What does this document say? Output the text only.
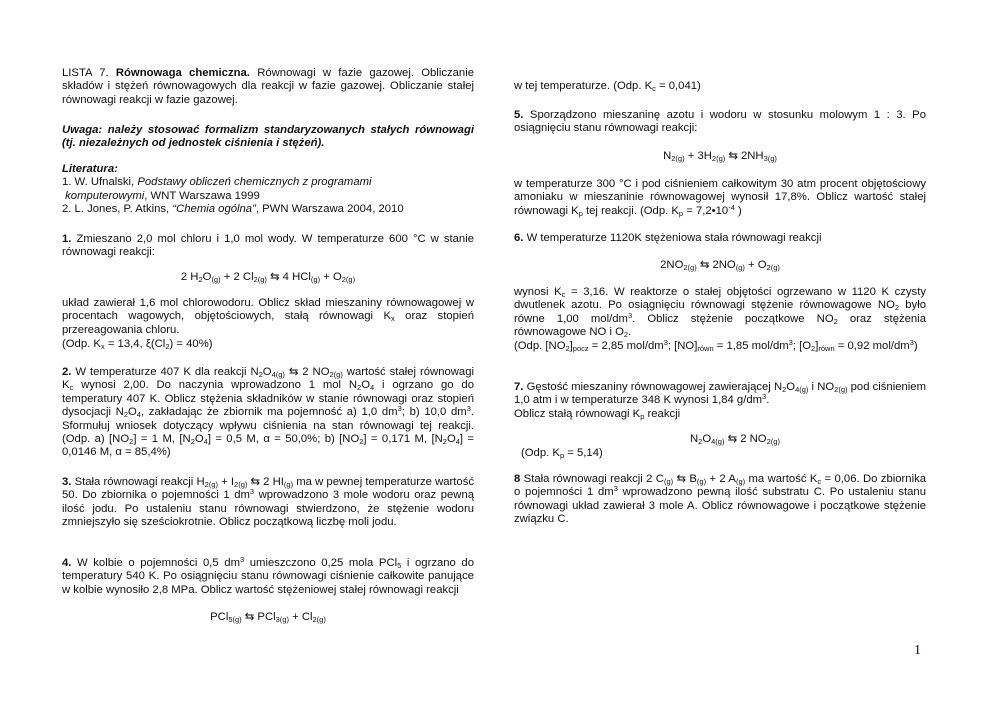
LISTA 7. Równowaga chemiczna. Równowagi w fazie gazowej. Obliczanie składów i stężeń równowagowych dla reakcji w fazie gazowej. Obliczanie stałej równowagi reakcji w fazie gazowej.

Uwaga: należy stosować formalizm standaryzowanych stałych równowagi (tj. niezależnych od jednostek ciśnienia i stężeń).

Literatura:
1. W. Ufnalski, Podstawy obliczeń chemicznych z programami
komputerowymi, WNT Warszawa 1999
2. L. Jones, P. Atkins, “Chemia ogólna”, PWN Warszawa 2004, 2010

1. Zmieszano 2,0 mol chloru i 1,0 mol wody. W temperaturze 600 °C w stanie równowagi reakcji:

2 $H_2O_{(g)} + 2$ $Cl_{2(g)}$ ⇆ 4 $HCl_{(g)} + O_{2(g)}$

układ zawierał 1,6 mol chlorowodoru. Oblicz skład mieszaniny równowagowej w procentach wagowych, objętościowych, stałą równowagi $K_x$ oraz stopień przereagowania chloru.

(Odp. $K_x = 13,4$, $\xi(Cl_2) = 40\%$)

2. W temperaturze 407 K dla reakcji $N_2O_{4(g)}$ ⇆ 2 $NO_{2(g)}$ wartość stałej równowagi $K_c$ wynosi 2,00. Do naczynia wprowadzono 1 mol $N_2O_4$ i ogrzano go do temperatury 407 K. Oblicz stężenia składników w stanie równowagi oraz stopień dysocjacji $N_2O_4$, zakładając że zbiornik ma pojemność a) 1,0 $dm^3$; b) 10,0 $dm^3$. Sformułuj wniosek dotyczący wpływu ciśnienia na stan równowagi tej reakcji. (Odp. a) $[NO_2] = 1$ M, $[N_2O_4] = 0,5$ M, α = 50,0%; b) $[NO_2] = 0,171$ M, $[N_2O_4] = 0,0146$ M, α = 85,4%)

3. Stała równowagi reakcji $H_{2(g)} + I_{2(g)}$ ⇆ 2 $HI_{(g)}$ ma w pewnej temperaturze wartość 50. Do zbiornika o pojemności 1 $dm^3$ wprowadzono 3 mole wodoru oraz pewną ilość jodu. Po ustaleniu stanu równowagi stwierdzono, że stężenie wodoru zmniejszyło się sześciokrotnie. Oblicz początkową liczbę moli jodu.

4. W kolbie o pojemności 0,5 $dm^3$ umieszczono 0,25 mola PCl$_5$ i ogrzano do temperatury 540 K. Po osiągnięciu stanu równowagi ciśnienie całkowite panujące w kolbie wynosiło 2,8 MPa. Oblicz wartość stężeniowej stałej równowagi reakcji

PCl$_{5(g)}$ ⇆ $PCl_{3(g)} + Cl_{2(g)}$

w tej temperaturze. (Odp. $K_c = 0,041$)

5. Sporządzono mieszaninę azotu i wodoru w stosunku molowym 1 : 3. Po osiągnięciu stanu równowagi reakcji:

$N_{2(g)} + 3H_{2(g)}$ ⇆ $2NH_{3(g)}$

w temperaturze 300 °C i pod ciśnieniem całkowitym 30 atm procent objętościowy amoniaku w mieszaninie równowagowej wynosił 17,8%. Oblicz wartość stałej równowagi $K_p$ tej reakcji. (Odp. $K_p$ = $7,2•10^{-4}$ )

6. W temperaturze 1120K stężeniowa stała równowagi reakcji

$2NO_{2(g)}$ ⇆ $2NO_{(g)} + O_{2(g)}$

wynosi $K_c = 3,16$. W reaktorze o stałej objętości ogrzewano w 1120 K czysty dwutlenek azotu. Po osiągnięciu równowagi stężenie równowagowe $NO_2$ było równe 1,00 mol/$dm^3$. Oblicz stężenie początkowe $NO_2$ oraz stężenia równowagowe NO i $O_2$.
(Odp. $[NO_2]_{pocz} = 2,85$ mol/$dm^3$; $[NO]_{równ} = 1,85$ mol/$dm^3$; $[O_2]_{równ} = 0,92$ mol/$dm^3$)

7. Gęstość mieszaniny równowagowej zawierającej $N_2O_{4(g)}$ i $NO_{2(g)}$ pod ciśnieniem 1,0 atm i w temperaturze 348 K wynosi 1,84 $g/dm^3$.
Oblicz stałą równowagi $K_p$ reakcji

$N_2O_{4(g)}$ ⇆ 2 $NO_{2(g)}$

(Odp. $K_p = 5,14$)

8 Stała równowagi reakcji 2 $C_{(g)}$ ⇆ $B_{(g)} + 2$ $A_{(g)}$ ma wartość $K_c = 0,06$. Do zbiornika o pojemności 1 $dm^3$ wprowadzono pewną ilość substratu C. Po ustaleniu stanu równowagi układ zawierał 3 mole A. Oblicz równowagowe i początkowe stężenie związku C.

1
